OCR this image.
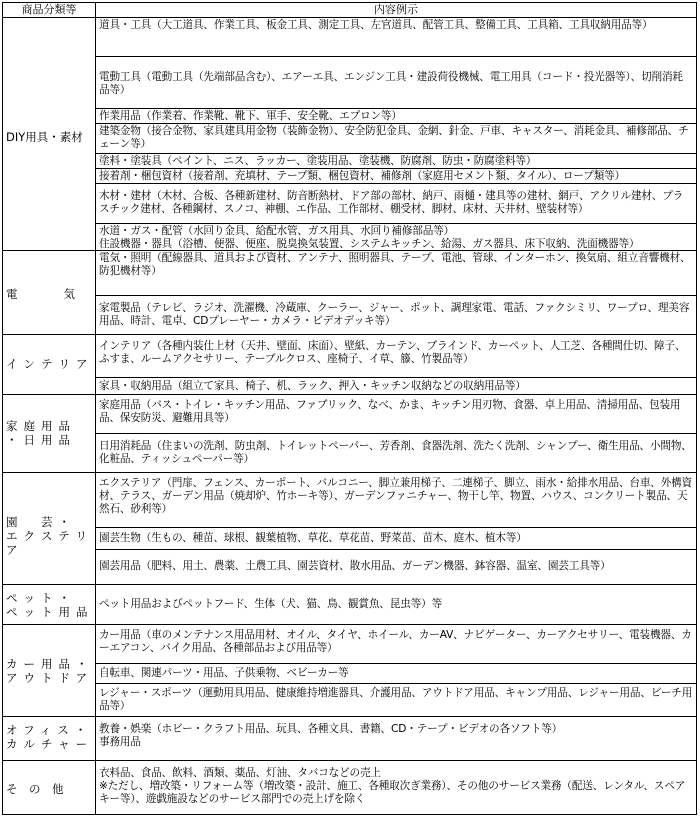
商品分類等	内容例示
DIY用具・素材
道具・工具（大工道具、作業工具、板金工具、測定工具、左官道具、配管工具、整備工具、工具箱、工具収納用品等）
電動工具（電動工具（先端部品含む）、エアーエ具、エンジン工具・建設荷役機械、電工用具（コード・投光器等）、切削消耗品等）
作業用品（作業着、作業靴、靴下、軍手、安全靴、エプロン等）
建築金物（接合金物、家具建具用金物（装飾金物）、安全防犯金具、金網、針金、戸車、キャスター、消耗金具、補修部品、チェーン等）
塗料・塗装具（ペイント、ニス、ラッカー、塗装用品、塗装機、防腐剤、防虫・防腐塗料等）
接着剤・梱包資材（接着剤、充填材、テープ類、梱包資材、補修剤（家庭用セメント類、タイル）、ロープ類等）
木材・建材（木材、合板、各種新建材、防音断熱材、ドア部の部材、納戸、雨樋・建具等の建材、網戸、アクリル建材、プラスチック建材、各種鋼材、スノコ、神棚、エ作品、工作部材、棚受材、脚材、床材、天井材、壁装材等）
水道・ガス・配管（水回り金具、給配水管、ガス用具、水回り補修部品等）
住設機器・器具（浴槽、便器、便座、脱臭換気装置、システムキッチン、給湯、ガス器具、床下収納、洗面機器等）
電　　　　気
電気・照明（配線器具、道具および資材、アンテナ、照明器具、テープ、電池、管球、インターホン、換気扇、組立音響機材、防犯機材等）
家電製品（テレビ、ラジオ、洗濯機、冷蔵庫、クーラー、ジャー、ポット、調理家電、電話、ファクシミリ、ワープロ、理美容用品、時計、電卓、CDプレーヤー・カメラ・ビデオデッキ等）
インテリア
インテリア（各種内装仕上材（天井、壁面、床面）、壁紙、カーテン、ブラインド、カーペット、人工芝、各種間仕切、障子、ふすま、ルームアクセサリー、テーブルクロス、座椅子、イ草、籐、竹製品等）
家具・収納用品（組立て家具、椅子、机、ラック、押入・キッチン収納などの収納用品等）
家庭用品
・日用品
家庭用品（バス・トイレ・キッチン用品、ファブリック、なべ、かま、キッチン用刃物、食器、卓上用品、清掃用品、包装用品、保安防災、避難用具等）
日用消耗品（住まいの洗剤、防虫剤、トイレットペーパー、芳香剤、食器洗剤、洗たく洗剤、シャンプー、衛生用品、小間物、化粧品、ティッシュペーパー等）
園　芸・
エクステリア
エクステリア（門扉、フェンス、カーポート、バルコニー、脚立兼用梯子、二連梯子、脚立、雨水・給排水用品、台車、外構資材、テラス、ガーデン用品（焼却炉、竹ホーキ等）、ガーデンファニチャー、物干し竿、物置、ハウス、コンクリート製品、天然石、砂利等）
園芸生物（生もの、種苗、球根、観葉植物、草花、草花苗、野菜苗、苗木、庭木、植木等）
園芸用品（肥料、用土、農薬、土農工具、園芸資材、散水用品、ガーデン機器、鉢容器、温室、園芸工具等）
ペット・
ペット用品
ペット用品およびペットフード、生体（犬、猫、鳥、観賞魚、昆虫等）等
カー用品・
アウトドア
カー用品（車のメンテナンス用品用材、オイル、タイヤ、ホイール、カーAV、ナビゲーター、カーアクセサリー、電装機器、カーエアコン、バイク用品、各種部品および用品等）
自転車、関連パーツ・用品、子供乗物、ベビーカー等
レジャー・スポーツ（運動用具用品、健康維持増進器具、介護用品、アウトドア用品、キャンプ用品、レジャー用品、ビーチ用品等）
オフィス・
カルチャー
教養・娯楽（ホビー・クラフト用品、玩具、各種文具、書籍、CD・テープ・ビデオの各ソフト等）
事務用品
そ　の　他
衣料品、食品、飲料、酒類、薬品、灯油、タバコなどの売上
※ただし、増改築・リフォーム等（増改築・設計、施工、各種取次ぎ業務）、その他のサービス業務（配送、レンタル、スペアキー等）、遊戯施設などのサービス部門での売上げを除く
